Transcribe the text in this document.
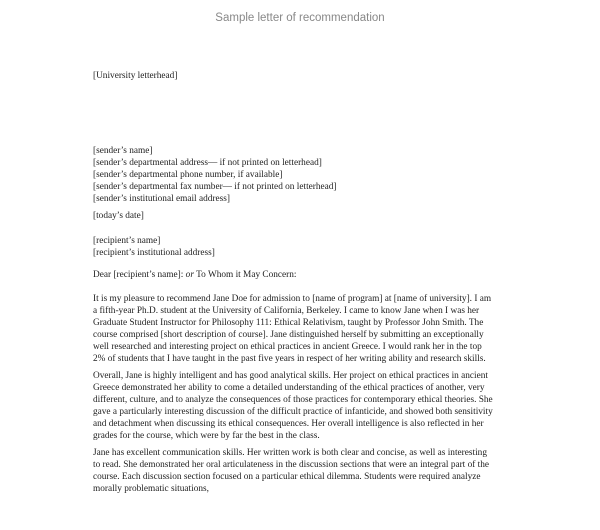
Sample letter of recommendation

[University letterhead]

[sender’s name]
[sender’s departmental address— if not printed on letterhead]
[sender’s departmental phone number, if available]
[sender’s departmental fax number— if not printed on letterhead]
[sender’s institutional email address]

[today’s date]

[recipient’s name]
[recipient’s institutional address]

Dear [recipient’s name]: or To Whom it May Concern:

It is my pleasure to recommend Jane Doe for admission to [name of program] at [name of university]. I am
a fifth-year Ph.D. student at the University of California, Berkeley. I came to know Jane when I was her
Graduate Student Instructor for Philosophy 111: Ethical Relativism, taught by Professor John Smith. The
course comprised [short description of course]. Jane distinguished herself by submitting an exceptionally
well researched and interesting project on ethical practices in ancient Greece. I would rank her in the top
2% of students that I have taught in the past five years in respect of her writing ability and research skills.
Overall, Jane is highly intelligent and has good analytical skills. Her project on ethical practices in ancient
Greece demonstrated her ability to come a detailed understanding of the ethical practices of another, very
different, culture, and to analyze the consequences of those practices for contemporary ethical theories. She
gave a particularly interesting discussion of the difficult practice of infanticide, and showed both sensitivity
and detachment when discussing its ethical consequences. Her overall intelligence is also reflected in her
grades for the course, which were by far the best in the class.
Jane has excellent communication skills. Her written work is both clear and concise, as well as interesting
to read. She demonstrated her oral articulateness in the discussion sections that were an integral part of the
course. Each discussion section focused on a particular ethical dilemma. Students were required analyze
morally problematic situations,
